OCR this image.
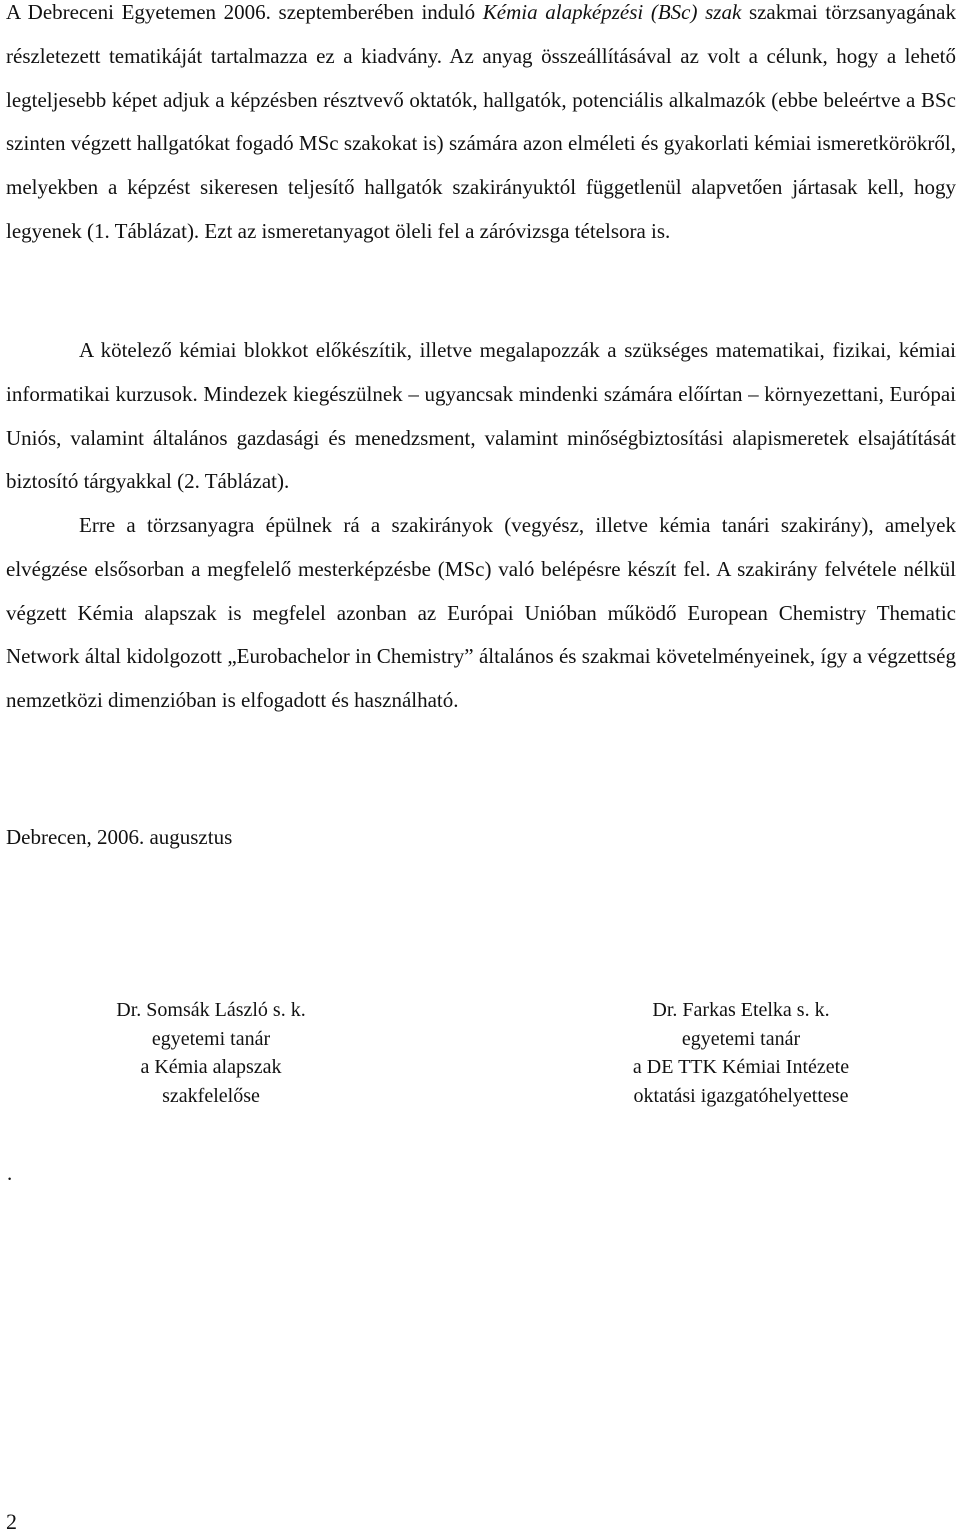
A Debreceni Egyetemen 2006. szeptemberében induló Kémia alapképzési (BSc) szak szakmai törzsanyagának részletezett tematikáját tartalmazza ez a kiadvány. Az anyag összeállításával az volt a célunk, hogy a lehető legteljesebb képet adjuk a képzésben résztvevő oktatók, hallgatók, potenciális alkalmazók (ebbe beleértve a BSc szinten végzett hallgatókat fogadó MSc szakokat is) számára azon elméleti és gyakorlati kémiai ismeretkörökről, melyekben a képzést sikeresen teljesítő hallgatók szakirányuktól függetlenül alapvetően jártasak kell, hogy legyenek (1. Táblázat). Ezt az ismeretanyagot öleli fel a záróvizsga tételsora is.

A kötelező kémiai blokkot előkészítik, illetve megalapozzák a szükséges matematikai, fizikai, kémiai informatikai kurzusok. Mindezek kiegészülnek – ugyancsak mindenki számára előírtan – környezettani, Európai Uniós, valamint általános gazdasági és menedzsment, valamint minőségbiztosítási alapismeretek elsajátítását biztosító tárgyakkal (2. Táblázat).

Erre a törzsanyagra épülnek rá a szakirányok (vegyész, illetve kémia tanári szakirány), amelyek elvégzése elsősorban a megfelelő mesterképzésbe (MSc) való belépésre készít fel. A szakirány felvétele nélkül végzett Kémia alapszak is megfelel azonban az Európai Unióban működő European Chemistry Thematic Network által kidolgozott „Eurobachelor in Chemistry” általános és szakmai követelményeinek, így a végzettség nemzetközi dimenzióban is elfogadott és használható.

Debrecen, 2006. augusztus

Dr. Somsák László s. k.
egyetemi tanár
a Kémia alapszak
szakfelelőse
Dr. Farkas Etelka s. k.
egyetemi tanár
a DE TTK Kémiai Intézete
oktatási igazgatóhelyettese
.
2
